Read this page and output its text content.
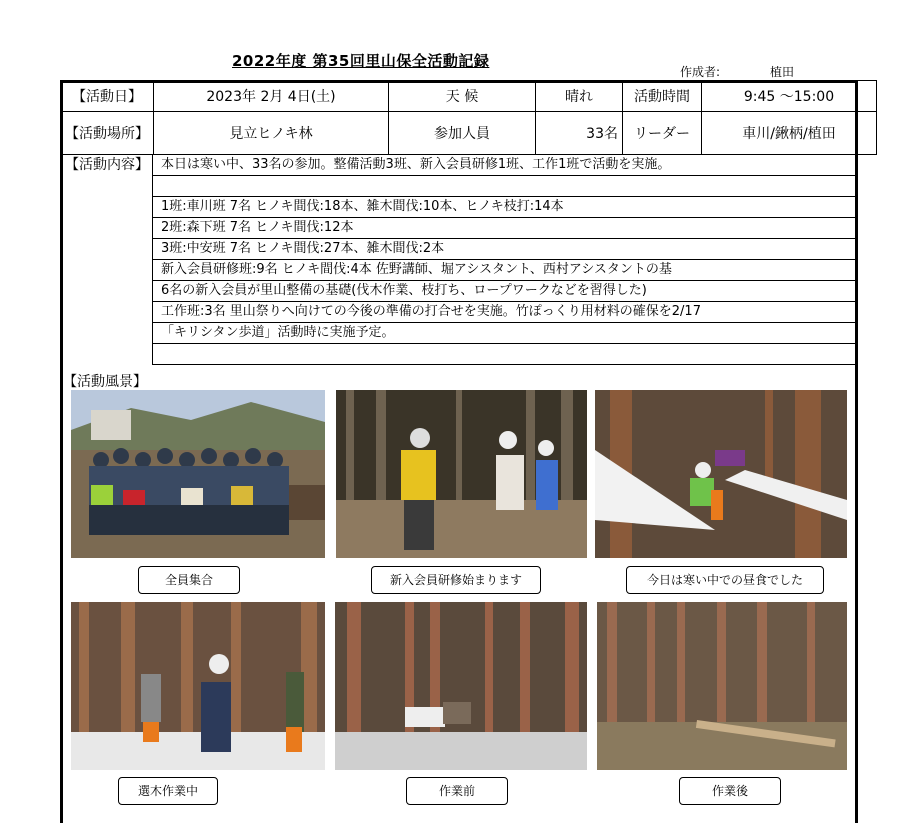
2022年度 第35回里山保全活動記録
作成者:	植田
【活動日】	2023年 2月 4日(土)	天 候	晴れ	活動時間	9:45 〜15:00
【活動場所】	見立ヒノキ林	参加人員	33名	リーダー	車川/鍬柄/植田
【活動内容】 本日は寒い中、33名の参加。整備活動3班、新入会員研修1班、工作1班で活動を実施。
1班:車川班 7名 ヒノキ間伐:18本、雑木間伐:10本、ヒノキ枝打:14本
2班:森下班 7名 ヒノキ間伐:12本
3班:中安班 7名 ヒノキ間伐:27本、雑木間伐:2本
新入会員研修班:9名 ヒノキ間伐:4本 佐野講師、堀アシスタント、西村アシスタントの基
6名の新入会員が里山整備の基礎(伐木作業、枝打ち、ロープワークなどを習得した)
工作班:3名 里山祭りへ向けての今後の準備の打合せを実施。竹ぽっくり用材料の確保を2/17
「キリシタン歩道」活動時に実施予定。
【活動風景】
全員集合	新入会員研修始まります	今日は寒い中での昼食でした
選木作業中	作業前	作業後
